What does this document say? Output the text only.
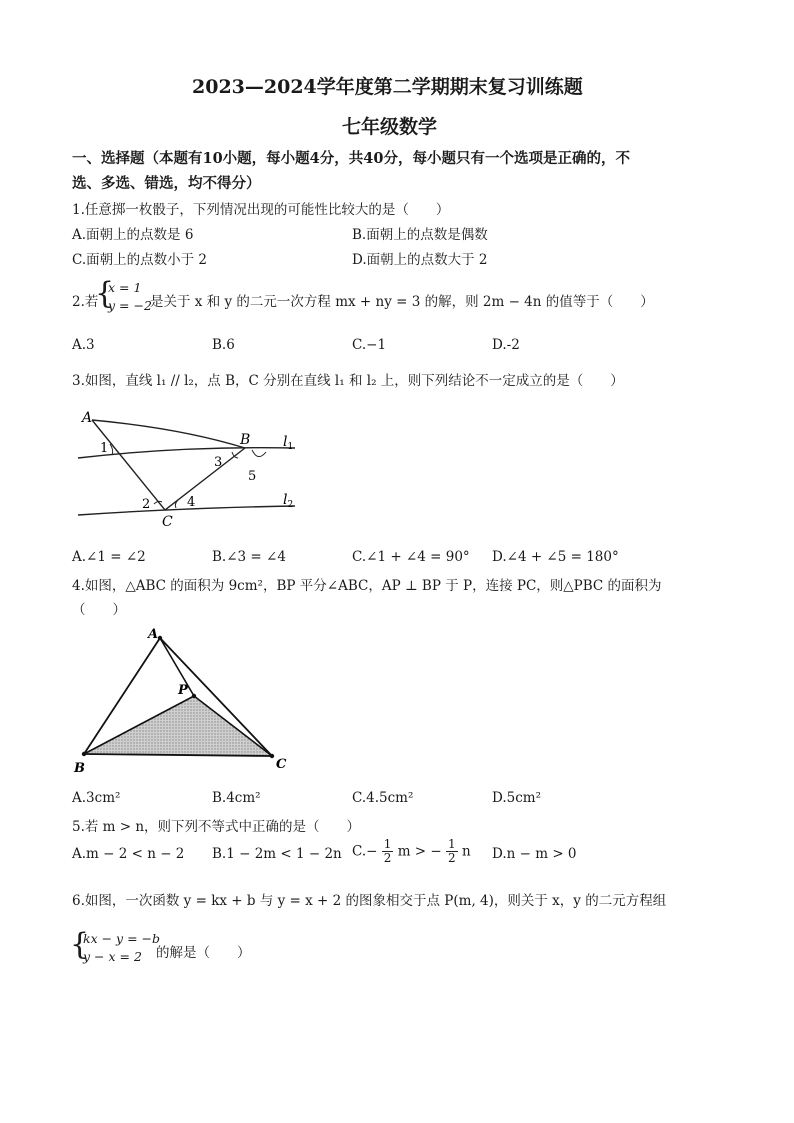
2023—2024学年度第二学期期末复习训练题
七年级数学
一、选择题（本题有10小题，每小题4分，共40分，每小题只有一个选项是正确的，不
选、多选、错选，均不得分）
1.任意掷一枚骰子，下列情况出现的可能性比较大的是（　　）
A.面朝上的点数是 6	B.面朝上的点数是偶数
C.面朝上的点数小于 2	D.面朝上的点数大于 2
2.若
{
x = 1
y = −2
是关于 x 和 y 的二元一次方程 mx + ny = 3 的解，则 2m − 4n 的值等于（　　）
A.3	B.6	C.−1	D.-2
3.如图，直线 l₁ // l₂，点 B，C 分别在直线 l₁ 和 l₂ 上，则下列结论不一定成立的是（　　）
A
B
C
1
2
3
4
5
$l_1$
$l_2$
A.∠1 = ∠2	B.∠3 = ∠4	C.∠1 + ∠4 = 90° D.∠4 + ∠5 = 180°
4.如图，△ABC 的面积为 9cm²，BP 平分∠ABC，AP ⊥ BP 于 P，连接 PC，则△PBC 的面积为
（　　）
A
P
B	C
A.3cm²	B.4cm²	C.4.5cm²	D.5cm²
5.若 m > n，则下列不等式中正确的是（　　）
A.m − 2 < n − 2 B.1 − 2m < 1 − 2n $C.- \frac{1}{2}$ m > − $\frac{1}{2}$ n D.n − m > 0
6.如图，一次函数 y = kx + b 与 y = x + 2 的图象相交于点 P(m, 4)，则关于 x，y 的二元方程组
{
kx − y = −b
y − x = 2	的解是（　　）
